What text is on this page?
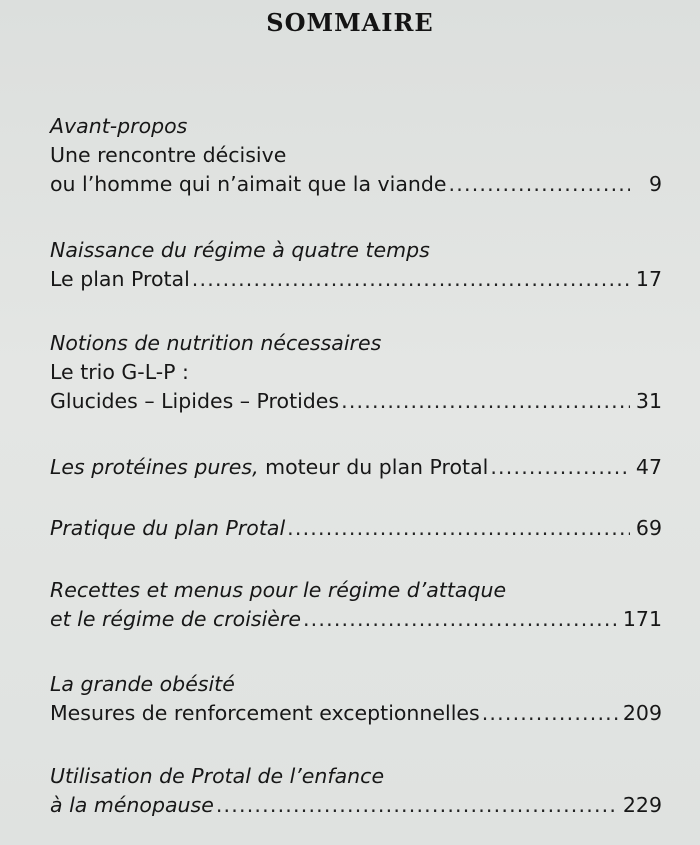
SOMMAIRE
Avant-propos
Une rencontre décisive
ou l’homme qui n’aimait que la viande .....	9
Naissance du régime à quatre temps
Le plan Protal .....	17
Notions de nutrition nécessaires
Le trio G-L-P :
Glucides – Lipides – Protides .....	31
Les protéines pures, moteur du plan Protal .....	47
Pratique du plan Protal .....	69
Recettes et menus pour le régime d’attaque
et le régime de croisière .....	171
La grande obésité
Mesures de renforcement exceptionnelles .....	209
Utilisation de Protal de l’enfance
à la ménopause .....	229
